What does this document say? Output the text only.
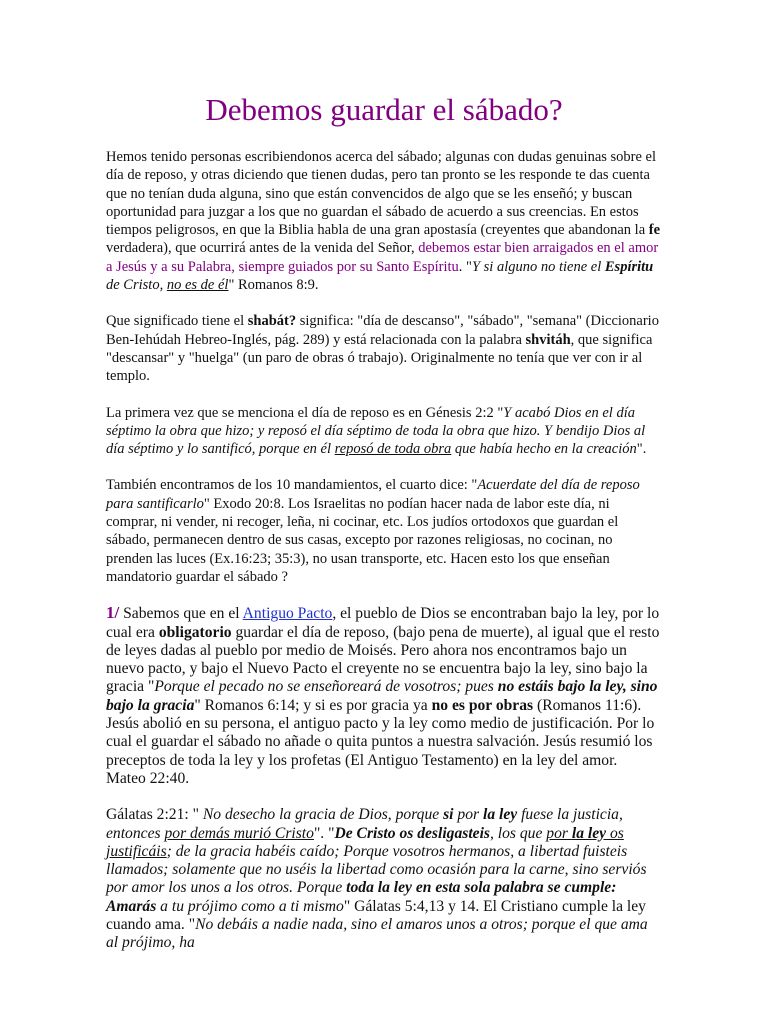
Debemos guardar el sábado?

Hemos tenido personas escribiendonos acerca del sábado; algunas con dudas genuinas sobre el día de reposo, y otras diciendo que tienen dudas, pero tan pronto se les responde te das cuenta que no tenían duda alguna, sino que están convencidos de algo que se les enseñó; y buscan oportunidad para juzgar a los que no guardan el sábado de acuerdo a sus creencias. En estos tiempos peligrosos, en que la Biblia habla de una gran apostasía (creyentes que abandonan la fe verdadera), que ocurrirá antes de la venida del Señor, debemos estar bien arraigados en el amor a Jesús y a su Palabra, siempre guiados por su Santo Espíritu. "Y si alguno no tiene el Espíritu de Cristo, no es de él" Romanos 8:9.

Que significado tiene el shabát? significa: "día de descanso", "sábado", "semana" (Diccionario Ben-Iehúdah Hebreo-Inglés, pág. 289) y está relacionada con la palabra shvitáh, que significa "descansar" y "huelga" (un paro de obras ó trabajo). Originalmente no tenía que ver con ir al templo.

La primera vez que se menciona el día de reposo es en Génesis 2:2 "Y acabó Dios en el día séptimo la obra que hizo; y reposó el día séptimo de toda la obra que hizo. Y bendijo Dios al día séptimo y lo santificó, porque en él reposó de toda obra que había hecho en la creación".

También encontramos de los 10 mandamientos, el cuarto dice: "Acuerdate del día de reposo para santificarlo" Exodo 20:8. Los Israelitas no podían hacer nada de labor este día, ni comprar, ni vender, ni recoger, leña, ni cocinar, etc. Los judíos ortodoxos que guardan el sábado, permanecen dentro de sus casas, excepto por razones religiosas, no cocinan, no prenden las luces (Ex.16:23; 35:3), no usan transporte, etc. Hacen esto los que enseñan mandatorio guardar el sábado ?

1/ Sabemos que en el Antiguo Pacto, el pueblo de Dios se encontraban bajo la ley, por lo cual era obligatorio guardar el día de reposo, (bajo pena de muerte), al igual que el resto de leyes dadas al pueblo por medio de Moisés. Pero ahora nos encontramos bajo un nuevo pacto, y bajo el Nuevo Pacto el creyente no se encuentra bajo la ley, sino bajo la gracia "Porque el pecado no se enseñoreará de vosotros; pues no estáis bajo la ley, sino bajo la gracia" Romanos 6:14; y si es por gracia ya no es por obras (Romanos 11:6). Jesús abolió en su persona, el antiguo pacto y la ley como medio de justificación. Por lo cual el guardar el sábado no añade o quita puntos a nuestra salvación. Jesús resumió los preceptos de toda la ley y los profetas (El Antiguo Testamento) en la ley del amor. Mateo 22:40.

Gálatas 2:21: " No desecho la gracia de Dios, porque si por la ley fuese la justicia, entonces por demás murió Cristo". "De Cristo os desligasteis, los que por la ley os justificáis; de la gracia habéis caído; Porque vosotros hermanos, a libertad fuisteis llamados; solamente que no uséis la libertad como ocasión para la carne, sino serviós por amor los unos a los otros. Porque toda la ley en esta sola palabra se cumple: Amarás a tu prójimo como a ti mismo" Gálatas 5:4,13 y 14. El Cristiano cumple la ley cuando ama. "No debáis a nadie nada, sino el amaros unos a otros; porque el que ama al prójimo, ha
